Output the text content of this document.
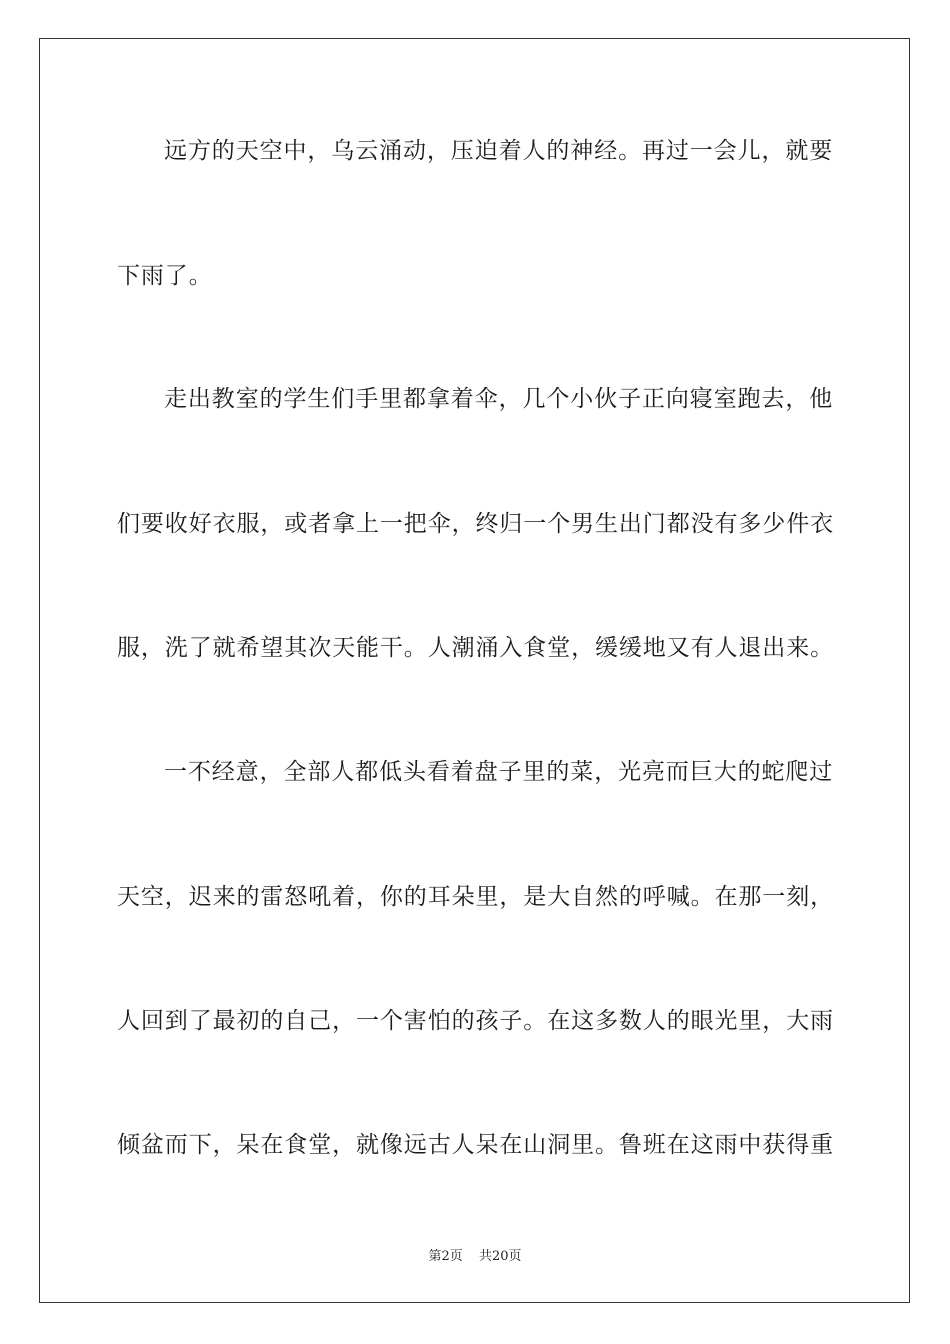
远方的天空中，乌云涌动，压迫着人的神经。再过一会儿，就要
下雨了。
走出教室的学生们手里都拿着伞，几个小伙子正向寝室跑去，他
们要收好衣服，或者拿上一把伞，终归一个男生出门都没有多少件衣
服，洗了就希望其次天能干。人潮涌入食堂，缓缓地又有人退出来。
一不经意，全部人都低头看着盘子里的菜，光亮而巨大的蛇爬过
天空，迟来的雷怒吼着，你的耳朵里，是大自然的呼喊。在那一刻，
人回到了最初的自己，一个害怕的孩子。在这多数人的眼光里，大雨
倾盆而下，呆在食堂，就像远古人呆在山洞里。鲁班在这雨中获得重
第2页 共20页
